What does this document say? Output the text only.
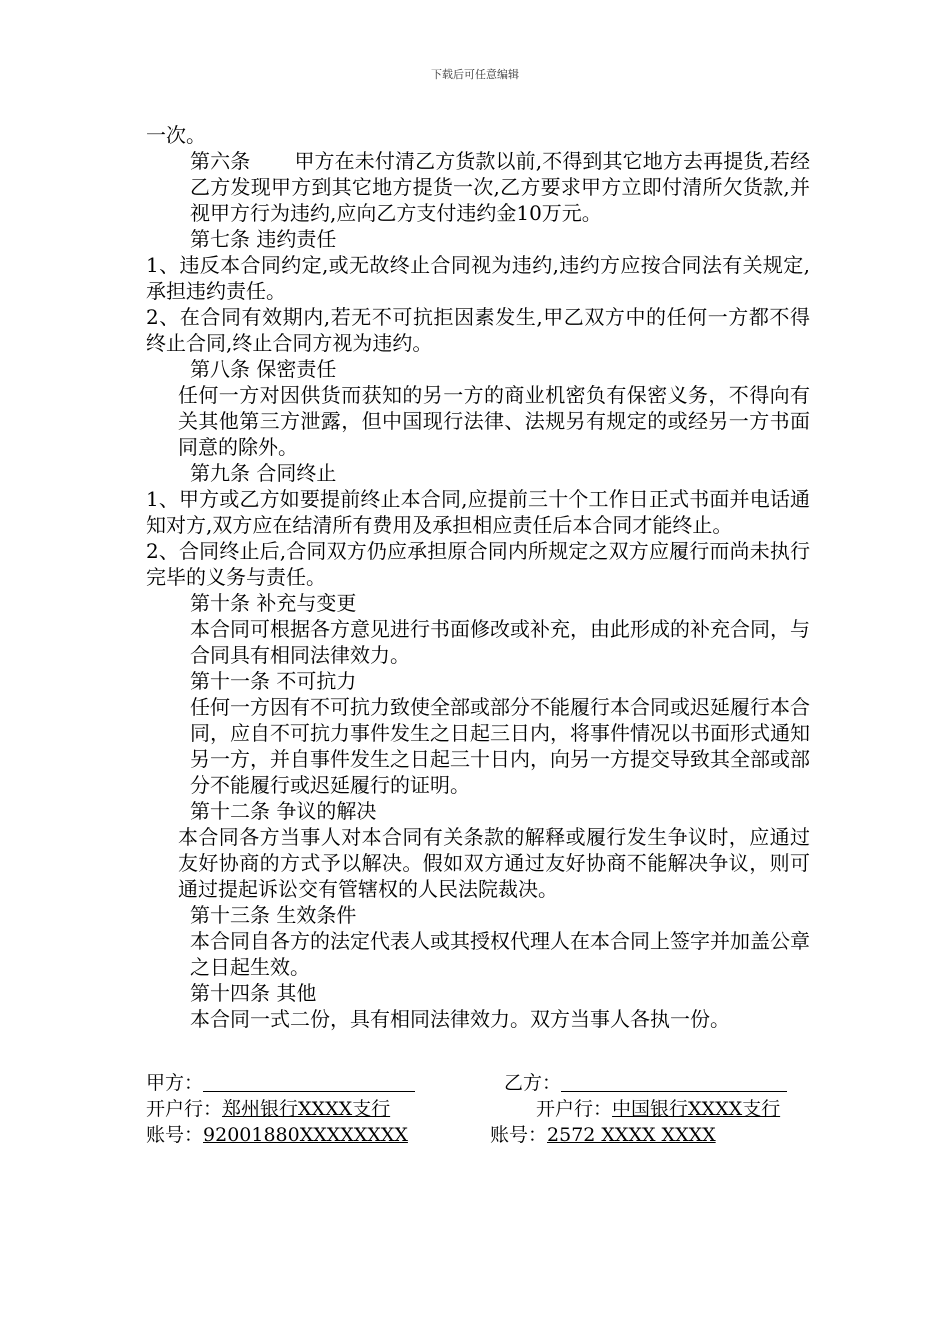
下载后可任意编辑

一次。

第六条 甲方在未付清乙方货款以前,不得到其它地方去再提货,若经乙方发现甲方到其它地方提货一次,乙方要求甲方立即付清所欠货款,并视甲方行为违约,应向乙方支付违约金10万元。

第七条 违约责任

1、违反本合同约定,或无故终止合同视为违约,违约方应按合同法有关规定,承担违约责任。

2、在合同有效期内,若无不可抗拒因素发生,甲乙双方中的任何一方都不得终止合同,终止合同方视为违约。

第八条 保密责任

任何一方对因供货而获知的另一方的商业机密负有保密义务，不得向有关其他第三方泄露，但中国现行法律、法规另有规定的或经另一方书面同意的除外。

第九条 合同终止

1、甲方或乙方如要提前终止本合同,应提前三十个工作日正式书面并电话通知对方,双方应在结清所有费用及承担相应责任后本合同才能终止。

2、合同终止后,合同双方仍应承担原合同内所规定之双方应履行而尚未执行完毕的义务与责任。

第十条 补充与变更

本合同可根据各方意见进行书面修改或补充，由此形成的补充合同，与合同具有相同法律效力。

第十一条 不可抗力

任何一方因有不可抗力致使全部或部分不能履行本合同或迟延履行本合同，应自不可抗力事件发生之日起三日内，将事件情况以书面形式通知另一方，并自事件发生之日起三十日内，向另一方提交导致其全部或部分不能履行或迟延履行的证明。

第十二条 争议的解决

本合同各方当事人对本合同有关条款的解释或履行发生争议时，应通过友好协商的方式予以解决。假如双方通过友好协商不能解决争议，则可通过提起诉讼交有管辖权的人民法院裁决。

第十三条 生效条件

本合同自各方的法定代表人或其授权代理人在本合同上签字并加盖公章之日起生效。

第十四条 其他

本合同一式二份，具有相同法律效力。双方当事人各执一份。

甲方：	乙方：
开户行：郑州银行XXXX支行	开户行：中国银行XXXX支行
账号：92001880XXXXXXXX	账号：2572 XXXX XXXX
